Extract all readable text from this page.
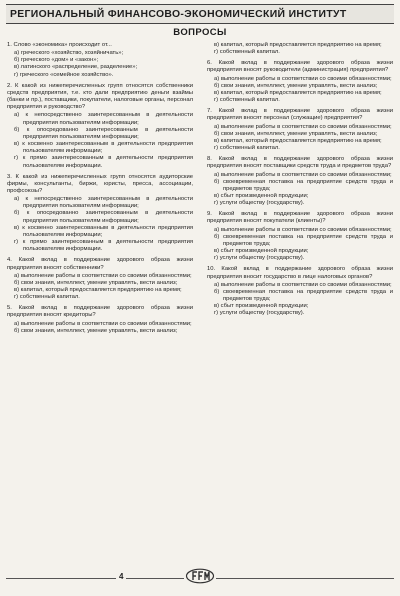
РЕГИОНАЛЬНЫЙ ФИНАНСОВО-ЭКОНОМИЧЕСКИЙ ИНСТИТУТ
ВОПРОСЫ
1. Слово «экономика» происходит от...
а) греческого «хозяйство, хозяйничать»;
б) греческого «дом» и «закон»;
в) латинского «распределение, разделение»;
г) греческого «семейное хозяйство».
2. К какой из нижеперечисленных групп относятся собственники средств предприятия, т.е. кто дали предприятию деньги взаймы (банки и пр.), поставщики, покупатели, налоговые органы, персонал предприятия и руководство?
а) к непосредственно заинтересованным в деятельности предприятия пользователям информации;
б) к опосредованно заинтересованным в деятельности предприятия пользователям информации;
в) к косвенно заинтересованным в деятельности предприятия пользователям информации;
г) к прямо заинтересованным в деятельности предприятия пользователям информации.
3. К какой из нижеперечисленных групп относятся аудиторские фирмы, консультанты, биржи, юристы, пресса, ассоциации, профсоюзы?
а) к непосредственно заинтересованным в деятельности предприятия пользователям информации;
б) к опосредованно заинтересованным в деятельности предприятия пользователям информации;
в) к косвенно заинтересованным в деятельности предприятия пользователям информации;
г) к прямо заинтересованным в деятельности предприятия пользователям информации.
4. Какой вклад в поддержание здорового образа жизни предприятия вносят собственники?
а) выполнение работы в соответствии со своими обязанностями;
б) свои знания, интеллект, умение управлять, вести анализ;
в) капитал, который предоставляется предприятию на время;
г) собственный капитал.
5. Какой вклад в поддержание здорового образа жизни предприятия вносят кредиторы?
а) выполнение работы в соответствии со своими обязанностями;
б) свои знания, интеллект, умение управлять, вести анализ;
в) капитал, который предоставляется предприятию на время;
г) собственный капитал.
6. Какой вклад в поддержание здорового образа жизни предприятия вносят руководители (администрация) предприятия?
а) выполнение работы в соответствии со своими обязанностями;
б) свои знания, интеллект, умение управлять, вести анализ;
в) капитал, который предоставляется предприятию на время;
г) собственный капитал.
7. Какой вклад в поддержание здорового образа жизни предприятия вносят персонал (служащие) предприятия?
а) выполнение работы в соответствии со своими обязанностями;
б) свои знания, интеллект, умение управлять, вести анализ;
в) капитал, который предоставляется предприятию на время;
г) собственный капитал.
8. Какой вклад в поддержание здорового образа жизни предприятия вносят поставщики средств труда и предметов труда?
а) выполнение работы в соответствии со своими обязанностями;
б) своевременная поставка на предприятие средств труда и предметов труда;
в) сбыт произведенной продукции;
г) услуги обществу (государству).
9. Какой вклад в поддержание здорового образа жизни предприятия вносят покупатели (клиенты)?
а) выполнение работы в соответствии со своими обязанностями;
б) своевременная поставка на предприятие средств труда и предметов труда;
в) сбыт произведенной продукции;
г) услуги обществу (государству).
10. Какой вклад в поддержание здорового образа жизни предприятия вносит государство в лице налоговых органов?
а) выполнение работы в соответствии со своими обязанностями;
б) своевременная поставка на предприятие средств труда и предметов труда;
в) сбыт произведенной продукции;
г) услуги обществу (государству).
4
